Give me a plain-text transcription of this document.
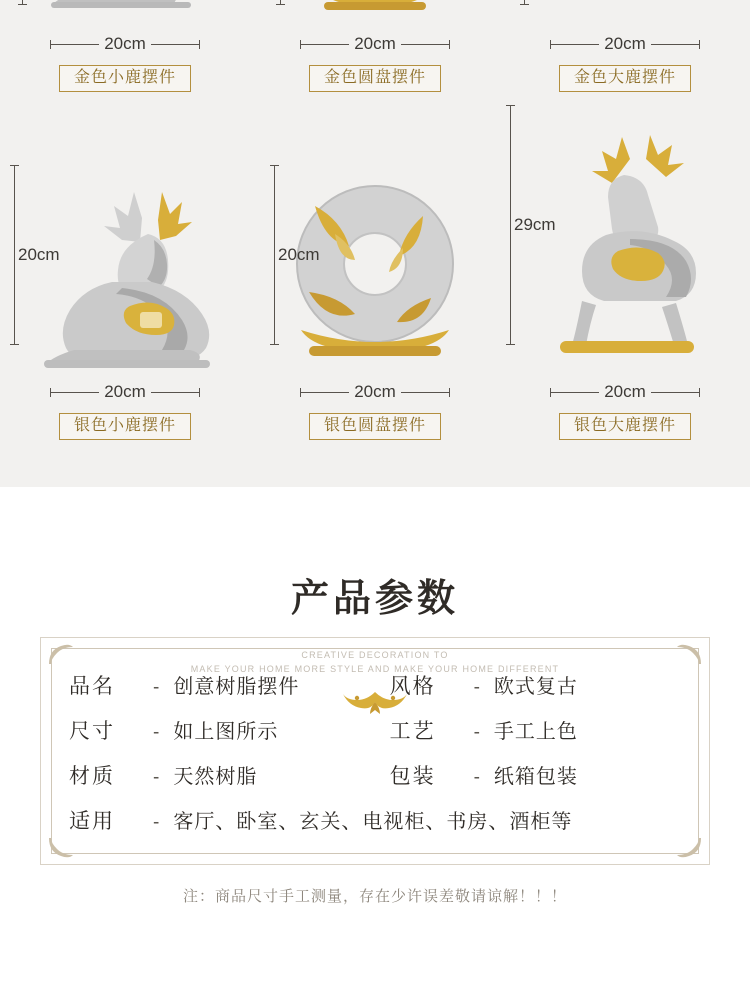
20cm
金色小鹿摆件
20cm
金色圆盘摆件
20cm
金色大鹿摆件
20cm
20cm
银色小鹿摆件
20cm
20cm
银色圆盘摆件
29cm
20cm
银色大鹿摆件
产品参数
CREATIVE DECORATION TO
MAKE YOUR HOME MORE STYLE AND MAKE YOUR HOME DIFFERENT
品名	- 创意树脂摆件	风格	- 欧式复古
尺寸	- 如上图所示	工艺	- 手工上色
材质	- 天然树脂	包装	- 纸箱包装
适用	- 客厅、卧室、玄关、电视柜、书房、酒柜等
注：商品尺寸手工测量，存在少许误差敬请谅解！！！
